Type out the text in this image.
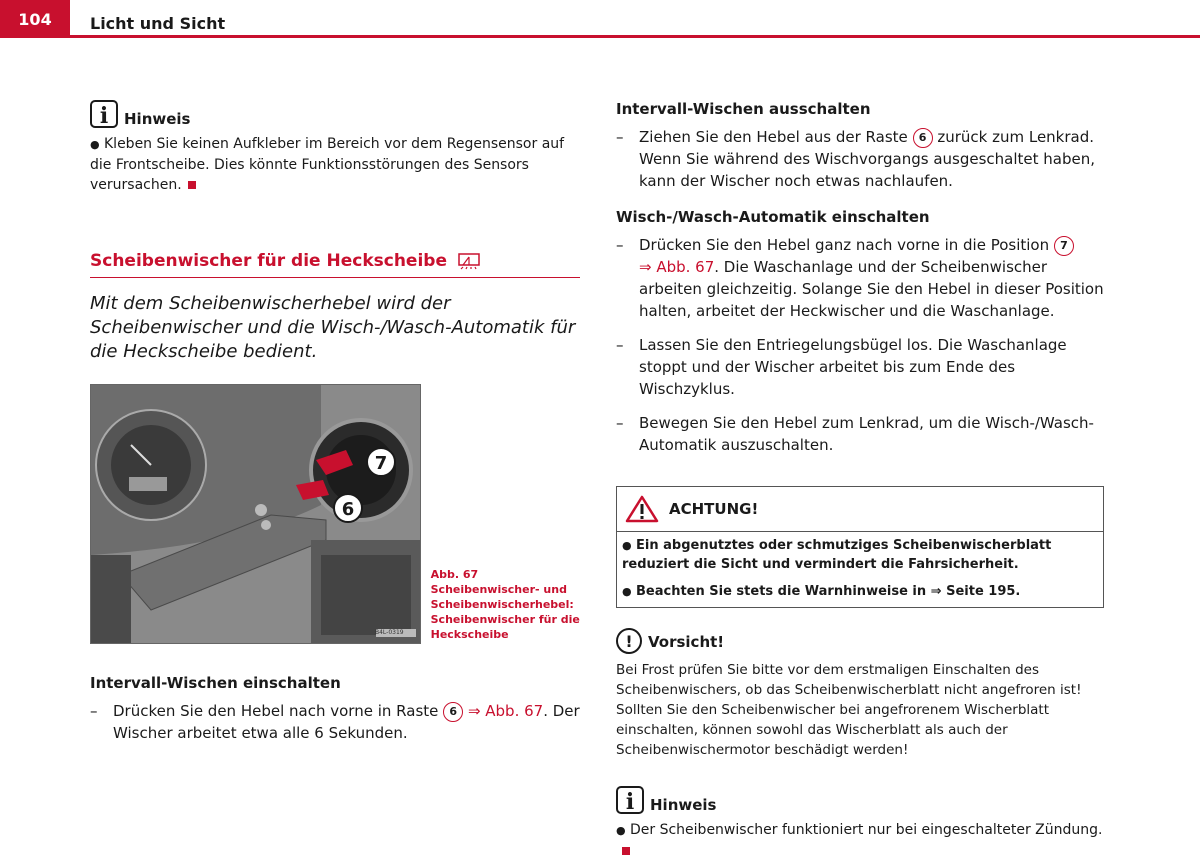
104	Licht und Sicht
i Hinweis
● Kleben Sie keinen Aufkleber im Bereich vor dem Regensensor auf die Frontscheibe. Dies könnte Funktionsstörungen des Sensors verursachen.
Scheibenwischer für die Heckscheibe
Mit dem Scheibenwischerhebel wird der Scheibenwischer und die Wisch-/Wasch-Automatik für die Heckscheibe bedient.
7
6
B4L-0319
Abb. 67   Scheibenwischer- und Scheibenwischerhebel: Scheibenwischer für die Heckscheibe
Intervall-Wischen einschalten
–	Drücken Sie den Hebel nach vorne in Raste 6 ⇒ Abb. 67. Der Wischer arbeitet etwa alle 6 Sekunden.
Intervall-Wischen ausschalten
–	Ziehen Sie den Hebel aus der Raste 6 zurück zum Lenkrad. Wenn Sie während des Wischvorgangs ausgeschaltet haben, kann der Wischer noch etwas nachlaufen.
Wisch-/Wasch-Automatik einschalten
–	Drücken Sie den Hebel ganz nach vorne in die Position 7
⇒ Abb. 67. Die Waschanlage und der Scheibenwischer arbeiten gleichzeitig. Solange Sie den Hebel in dieser Position halten, arbeitet der Heckwischer und die Waschanlage.
–	Lassen Sie den Entriegelungsbügel los. Die Waschanlage stoppt und der Wischer arbeitet bis zum Ende des Wischzyklus.
–	Bewegen Sie den Hebel zum Lenkrad, um die Wisch-/Wasch-Automatik auszuschalten.
ACHTUNG!
● Ein abgenutztes oder schmutziges Scheibenwischerblatt reduziert die Sicht und vermindert die Fahrsicherheit.
● Beachten Sie stets die Warnhinweise in ⇒ Seite 195.
! Vorsicht!
Bei Frost prüfen Sie bitte vor dem erstmaligen Einschalten des Scheibenwischers, ob das Scheibenwischerblatt nicht angefroren ist! Sollten Sie den Scheibenwischer bei angefrorenem Wischerblatt einschalten, können sowohl das Wischerblatt als auch der Scheibenwischermotor beschädigt werden!
i Hinweis
● Der Scheibenwischer funktioniert nur bei eingeschalteter Zündung.
